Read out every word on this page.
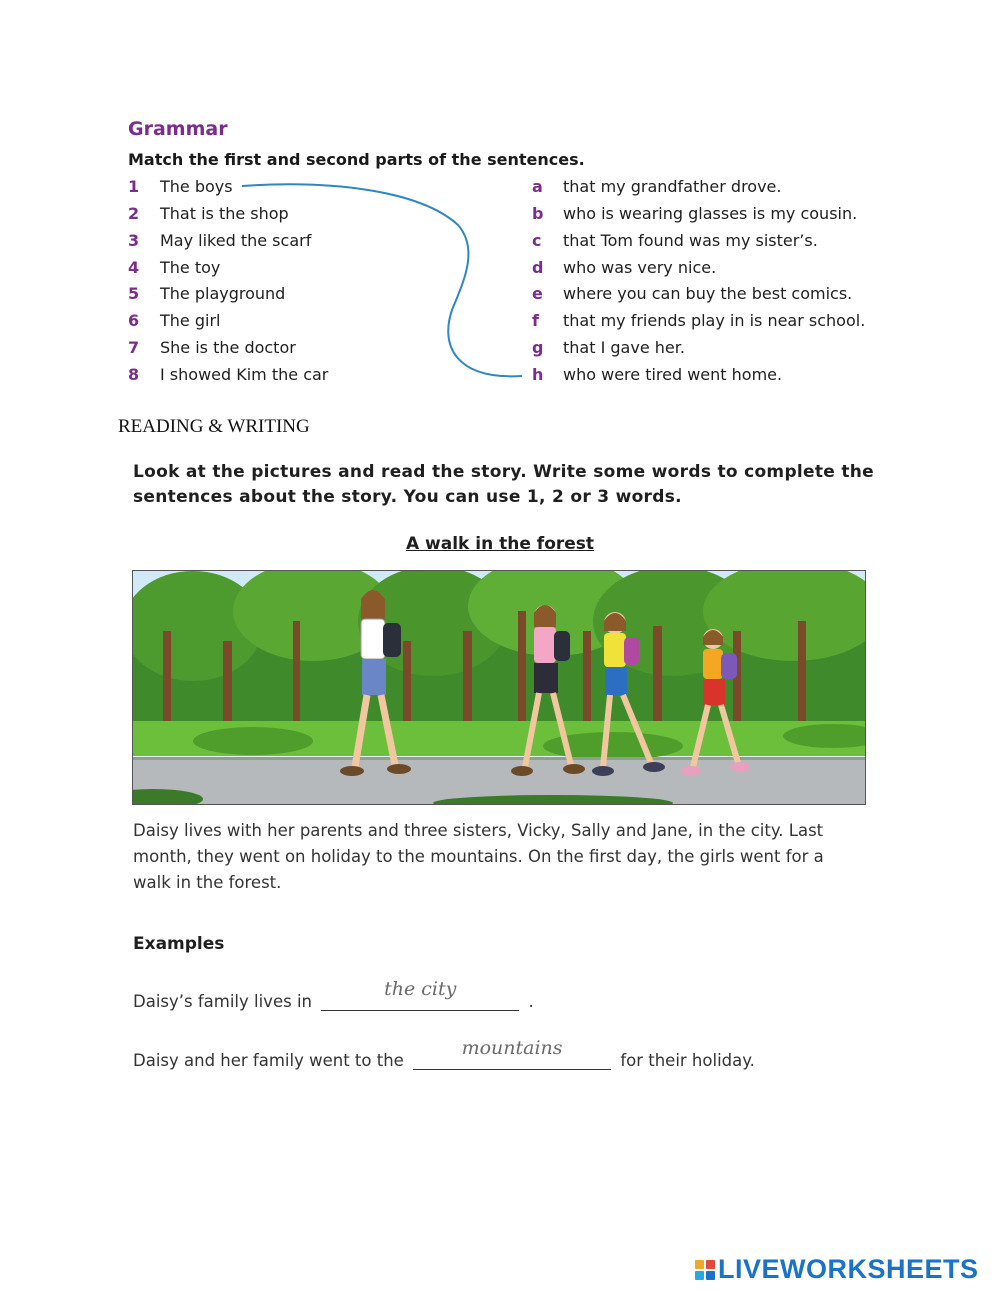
Grammar
Match the first and second parts of the sentences.
1	The boys
2	That is the shop
3	May liked the scarf
4	The toy
5	The playground
6	The girl
7	She is the doctor
8	I showed Kim the car
a	that my grandfather drove.
b	who is wearing glasses is my cousin.
c	that Tom found was my sister’s.
d	who was very nice.
e	where you can buy the best comics.
f	that my friends play in is near school.
g	that I gave her.
h	who were tired went home.
READING & WRITING
Look at the pictures and read the story. Write some words to complete the sentences about the story. You can use 1, 2 or 3 words.
A walk in the forest
Daisy lives with her parents and three sisters, Vicky, Sally and Jane, in the city. Last month, they went on holiday to the mountains. On the first day, the girls went for a walk in the forest.
Examples
Daisy’s family lives in
the city
.
Daisy and her family went to the
mountains
for their holiday.
LIVEWORKSHEETS
